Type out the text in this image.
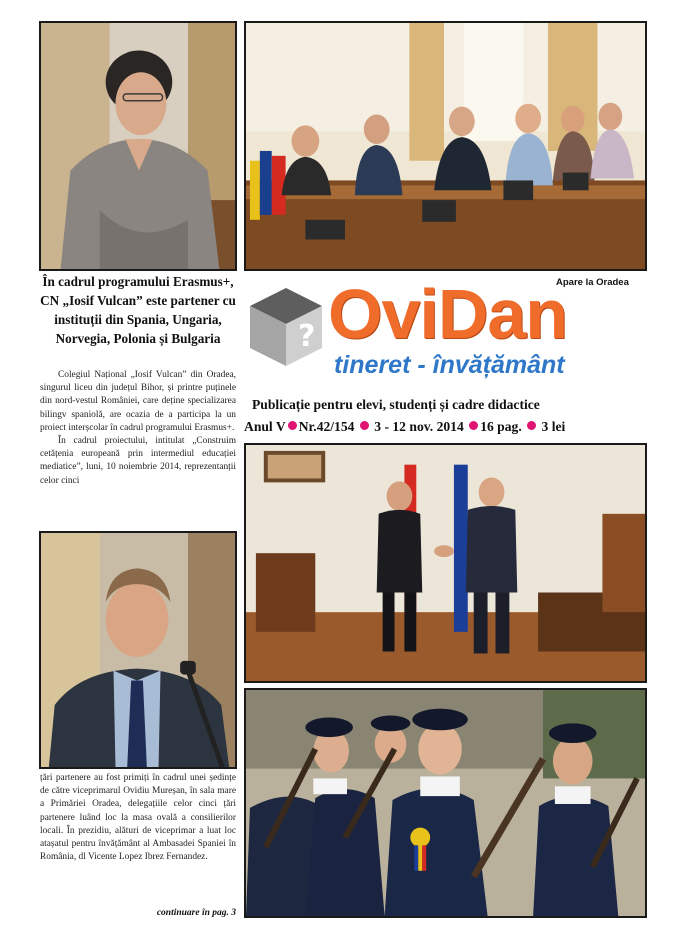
În cadrul programului Erasmus+, CN „Iosif Vulcan” este partener cu instituții din Spania, Ungaria, Norvegia, Polonia și Bulgaria

Colegiul Național „Iosif Vulcan” din Oradea, singurul liceu din județul Bihor, și printre puținele din nord-vestul României, care deține specializarea bilingv spaniolă, are ocazia de a participa la un proiect interșcolar în cadrul programului Erasmus+.

În cadrul proiectului, intitulat „Construim cetățenia europeană prin intermediul educației mediatice”, luni, 10 noiembrie 2014, reprezentanții celor cinci

Apare la Oradea
? OviDan
tineret - învățământ
Publicație pentru elevi, studenți și cadre didactice
Anul V Nr.42/154 3 - 12 nov. 2014 16 pag. 3 lei

țări partenere au fost primiți în cadrul unei ședințe de către viceprimarul Ovidiu Mureșan, în sala mare a Primăriei Oradea, delegațiile celor cinci țări partenere luând loc la masa ovală a consilierilor locali. În prezidiu, alături de viceprimar a luat loc atașatul pentru învățământ al Ambasadei Spaniei în România, dl Vicente Lopez Ibrez Fernandez.

continuare în pag. 3
